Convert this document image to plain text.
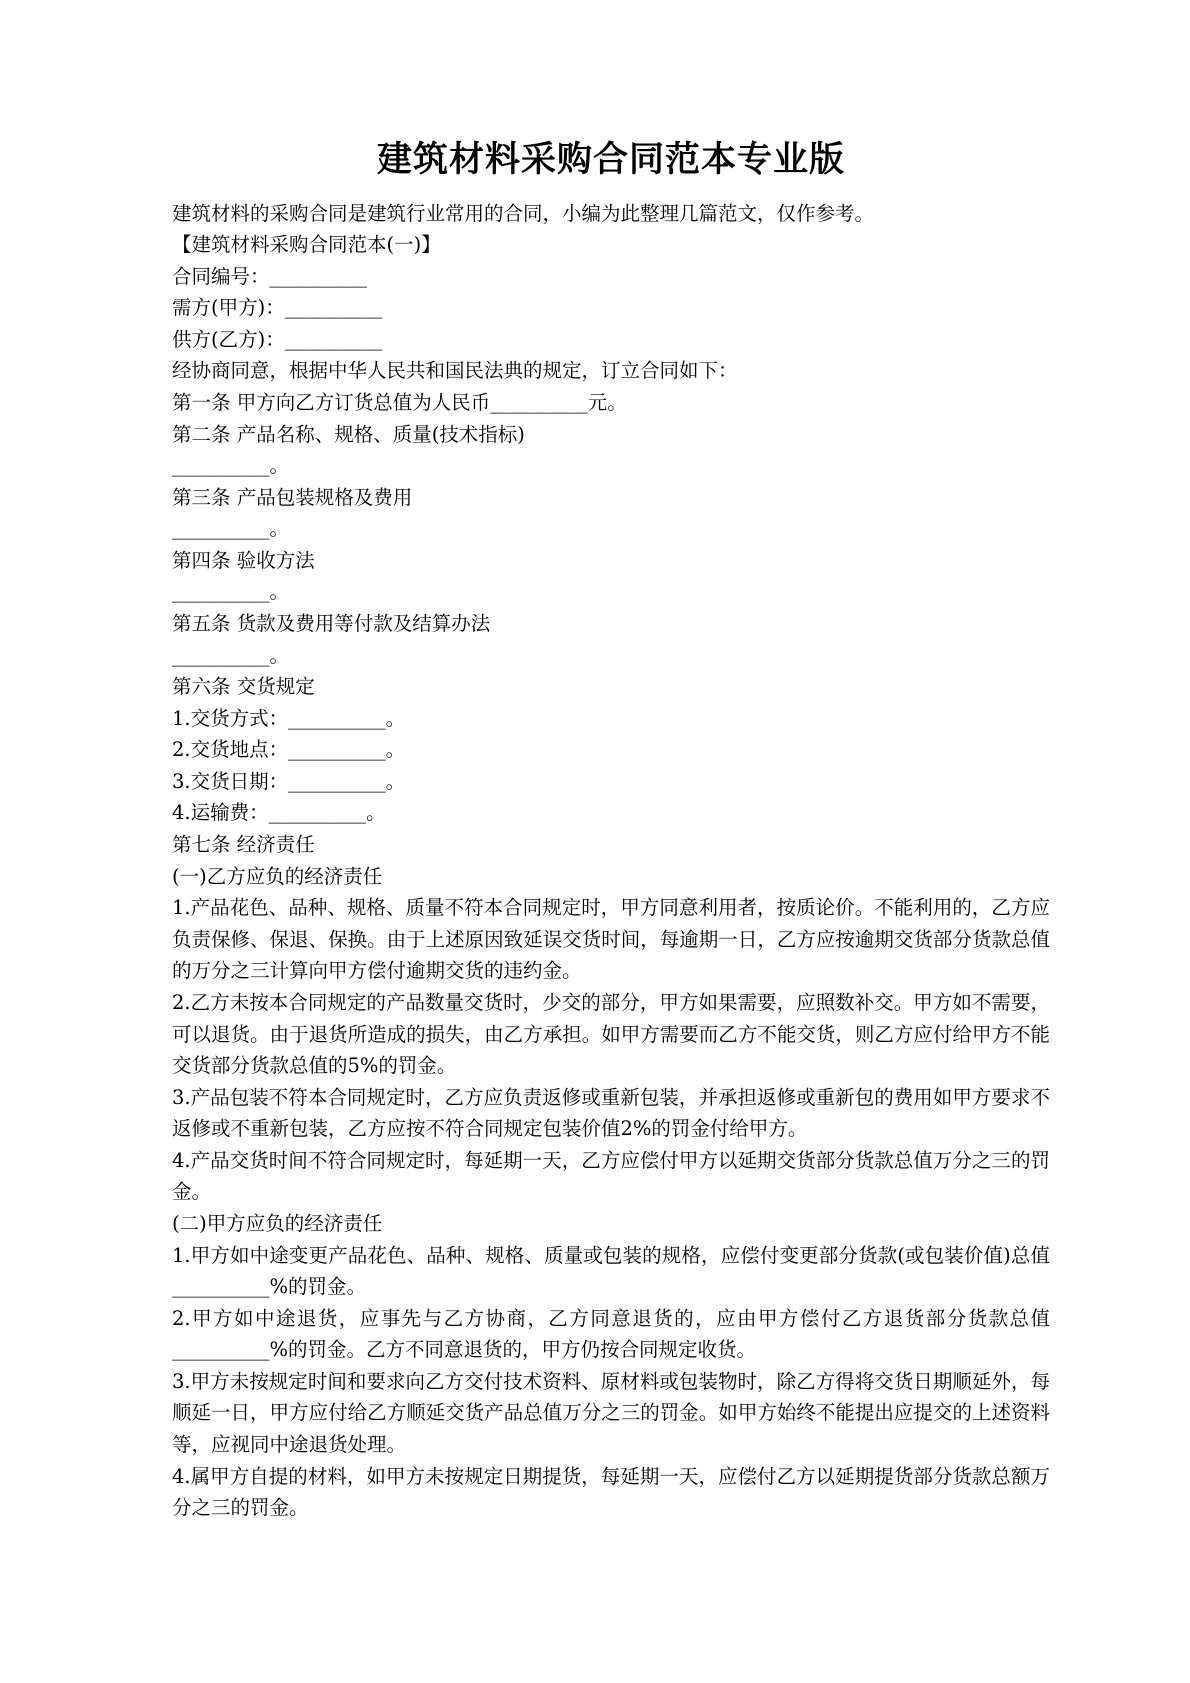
建筑材料采购合同范本专业版

建筑材料的采购合同是建筑行业常用的合同，小编为此整理几篇范文，仅作参考。

【建筑材料采购合同范本(一)】

合同编号：__________

需方(甲方)：__________

供方(乙方)：__________

经协商同意，根据中华人民共和国民法典的规定，订立合同如下：

第一条 甲方向乙方订货总值为人民币__________元。

第二条 产品名称、规格、质量(技术指标)

__________。

第三条 产品包装规格及费用

__________。

第四条 验收方法

__________。

第五条 货款及费用等付款及结算办法

__________。

第六条 交货规定

1.交货方式：__________。

2.交货地点：__________。

3.交货日期：__________。

4.运输费：__________。

第七条 经济责任

(一)乙方应负的经济责任

1.产品花色、品种、规格、质量不符本合同规定时，甲方同意利用者，按质论价。不能利用的，乙方应负责保修、保退、保换。由于上述原因致延误交货时间，每逾期一日，乙方应按逾期交货部分货款总值的万分之三计算向甲方偿付逾期交货的违约金。

2.乙方未按本合同规定的产品数量交货时，少交的部分，甲方如果需要，应照数补交。甲方如不需要，可以退货。由于退货所造成的损失，由乙方承担。如甲方需要而乙方不能交货，则乙方应付给甲方不能交货部分货款总值的5%的罚金。

3.产品包装不符本合同规定时，乙方应负责返修或重新包装，并承担返修或重新包的费用如甲方要求不返修或不重新包装，乙方应按不符合同规定包装价值2%的罚金付给甲方。

4.产品交货时间不符合同规定时，每延期一天，乙方应偿付甲方以延期交货部分货款总值万分之三的罚金。

(二)甲方应负的经济责任

1.甲方如中途变更产品花色、品种、规格、质量或包装的规格，应偿付变更部分货款(或包装价值)总值__________%的罚金。

2.甲方如中途退货，应事先与乙方协商，乙方同意退货的，应由甲方偿付乙方退货部分货款总值__________%的罚金。乙方不同意退货的，甲方仍按合同规定收货。

3.甲方未按规定时间和要求向乙方交付技术资料、原材料或包装物时，除乙方得将交货日期顺延外，每顺延一日，甲方应付给乙方顺延交货产品总值万分之三的罚金。如甲方始终不能提出应提交的上述资料等，应视同中途退货处理。

4.属甲方自提的材料，如甲方未按规定日期提货，每延期一天，应偿付乙方以延期提货部分货款总额万分之三的罚金。
